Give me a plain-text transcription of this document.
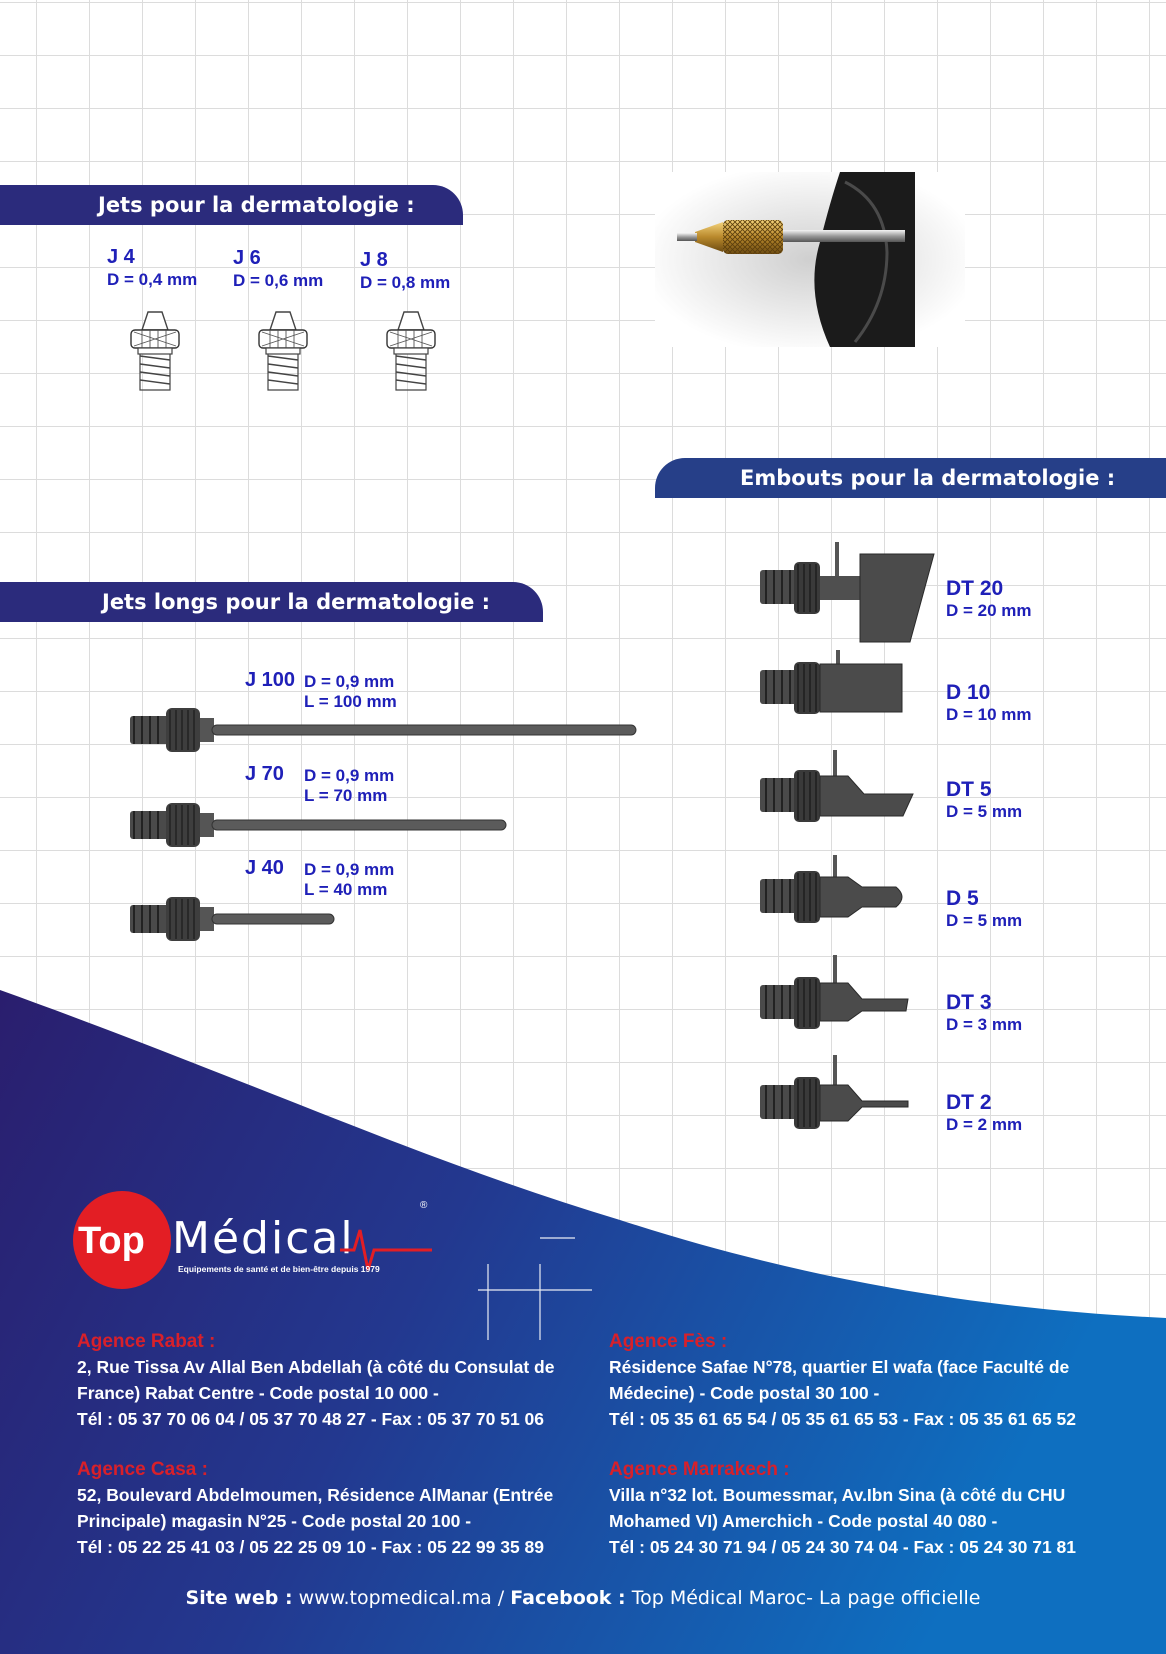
Jets pour la dermatologie :
J 4
D = 0,4 mm
J 6
D = 0,6 mm
J 8
D = 0,8 mm
Embouts pour la dermatologie :
Jets longs pour la dermatologie :
J 100 D = 0,9 mm
L = 100 mm
J 70 D = 0,9 mm
L = 70 mm
J 40 D = 0,9 mm
L = 40 mm
DT 20
D = 20 mm
D 10
D = 10 mm
DT 5
D = 5 mm
D 5
D = 5 mm
DT 3
D = 3 mm
DT 2
D = 2 mm
Top Médical
®
Equipements de santé et de bien-être depuis 1979
Agence Rabat :
2, Rue Tissa Av Allal Ben Abdellah (à côté du Consulat de
France) Rabat Centre - Code postal 10 000 -
Tél : 05 37 70 06 04 / 05 37 70 48 27 - Fax : 05 37 70 51 06
Agence Fès :
Résidence Safae N°78, quartier El wafa (face Faculté de
Médecine) - Code postal 30 100 -
Tél : 05 35 61 65 54 / 05 35 61 65 53 - Fax : 05 35 61 65 52
Agence Casa :
52, Boulevard Abdelmoumen, Résidence AlManar (Entrée
Principale) magasin N°25 - Code postal 20 100 -
Tél : 05 22 25 41 03 / 05 22 25 09 10 - Fax : 05 22 99 35 89
Agence Marrakech :
Villa n°32 lot. Boumessmar, Av.Ibn Sina (à côté du CHU
Mohamed VI) Amerchich - Code postal 40 080 -
Tél : 05 24 30 71 94 / 05 24 30 74 04 - Fax : 05 24 30 71 81
Site web : www.topmedical.ma / Facebook : Top Médical Maroc- La page officielle
